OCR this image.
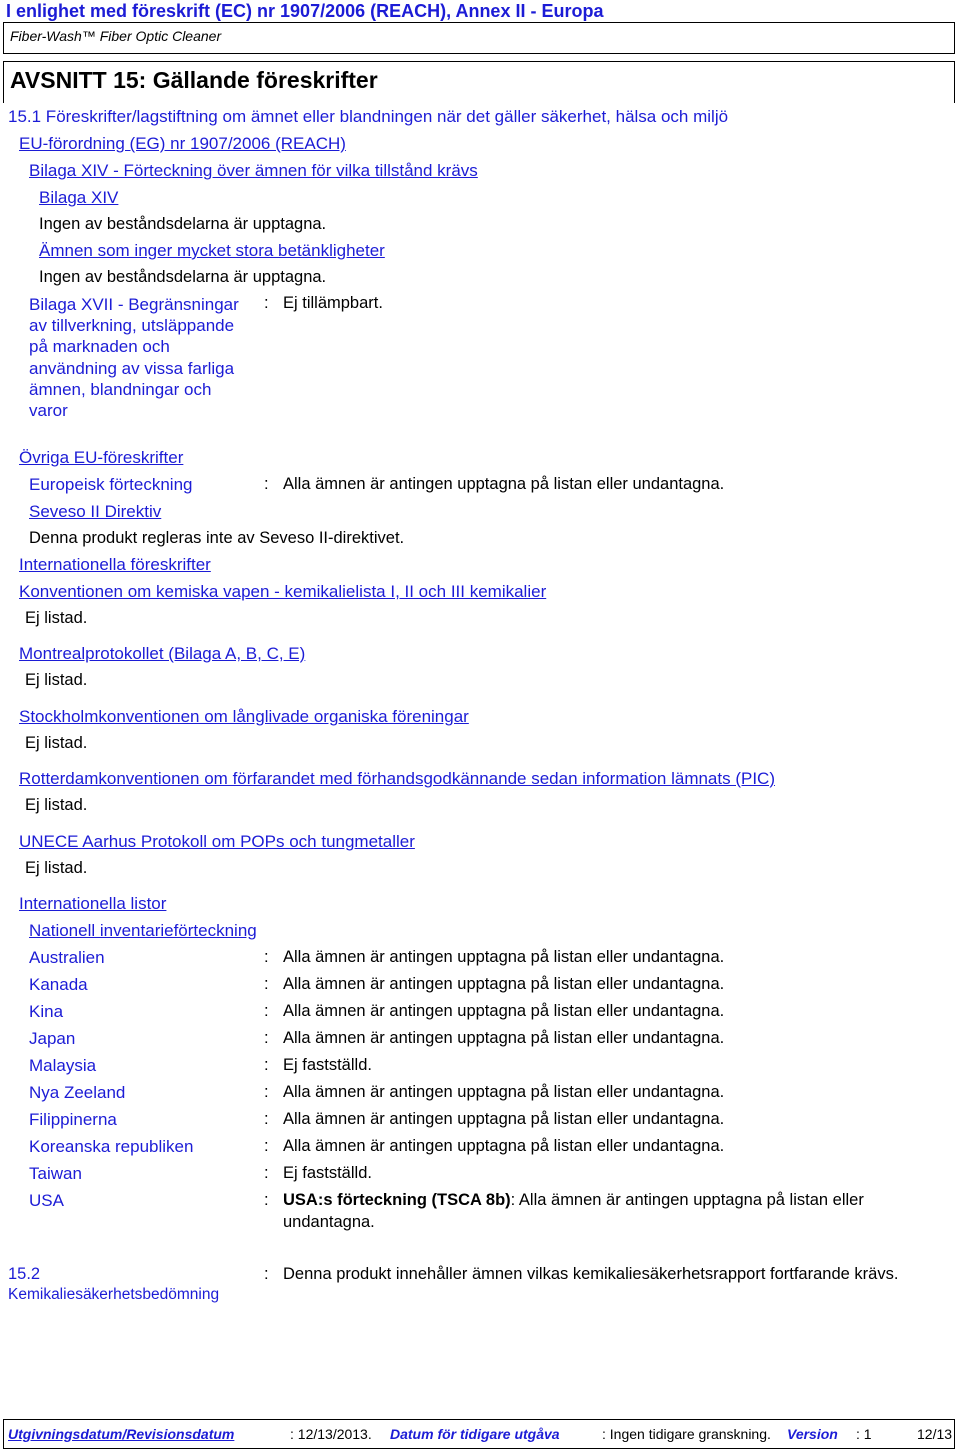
I enlighet med föreskrift (EC) nr 1907/2006 (REACH), Annex II - Europa
Fiber-Wash™ Fiber Optic Cleaner
AVSNITT 15: Gällande föreskrifter
15.1 Föreskrifter/lagstiftning om ämnet eller blandningen när det gäller säkerhet, hälsa och miljö
EU-förordning (EG) nr 1907/2006 (REACH)
Bilaga XIV - Förteckning över ämnen för vilka tillstånd krävs
Bilaga XIV
Ingen av beståndsdelarna är upptagna.
Ämnen som inger mycket stora betänkligheter
Ingen av beståndsdelarna är upptagna.
Bilaga XVII - Begränsningar av tillverkning, utsläppande på marknaden och användning av vissa farliga ämnen, blandningar och varor
: Ej tillämpbart.
Övriga EU-föreskrifter
Europeisk förteckning	: Alla ämnen är antingen upptagna på listan eller undantagna.
Seveso II Direktiv
Denna produkt regleras inte av Seveso II-direktivet.
Internationella föreskrifter
Konventionen om kemiska vapen - kemikalielista I, II och III kemikalier
Ej listad.
Montrealprotokollet (Bilaga A, B, C, E)
Ej listad.
Stockholmkonventionen om långlivade organiska föreningar
Ej listad.
Rotterdamkonventionen om förfarandet med förhandsgodkännande sedan information lämnats (PIC)
Ej listad.
UNECE Aarhus Protokoll om POPs och tungmetaller
Ej listad.
Internationella listor
Nationell inventarieförteckning
Australien	: Alla ämnen är antingen upptagna på listan eller undantagna.
Kanada	: Alla ämnen är antingen upptagna på listan eller undantagna.
Kina	: Alla ämnen är antingen upptagna på listan eller undantagna.
Japan	: Alla ämnen är antingen upptagna på listan eller undantagna.
Malaysia	: Ej fastställd.
Nya Zeeland	: Alla ämnen är antingen upptagna på listan eller undantagna.
Filippinerna	: Alla ämnen är antingen upptagna på listan eller undantagna.
Koreanska republiken	: Alla ämnen är antingen upptagna på listan eller undantagna.
Taiwan	: Ej fastställd.
USA	: USA:s förteckning (TSCA 8b): Alla ämnen är antingen upptagna på listan eller
undantagna.
15.2
Kemikaliesäkerhetsbedömning
: Denna produkt innehåller ämnen vilkas kemikaliesäkerhetsrapport fortfarande krävs.
Utgivningsdatum/Revisionsdatum	: 12/13/2013. Datum för tidigare utgåva	: Ingen tidigare granskning. Version : 1	12/13
